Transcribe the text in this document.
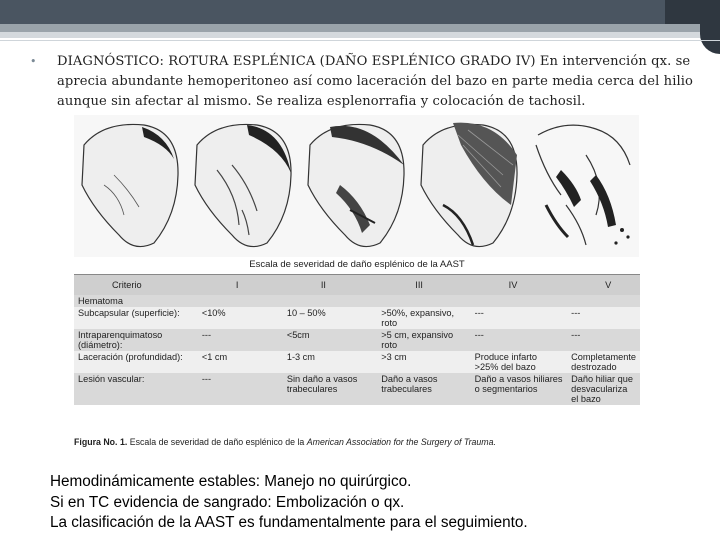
• DIAGNÓSTICO: ROTURA ESPLÉNICA (DAÑO ESPLÉNICO GRADO IV) En intervención qx. se aprecia abundante hemoperitoneo así como laceración del bazo en parte media cerca del hilio aunque sin afectar al mismo. Se realiza esplenorrafia y colocación de tachosil.
Escala de severidad de daño esplénico de la AAST
Criterio	I	II	III	IV	V
Hematoma					
Subcapsular (superficie):	<10%	10 – 50%	>50%, expansivo, roto	---	---
Intraparenquimatoso (diámetro):	---	<5cm	>5 cm, expansivo roto	---	---
Laceración (profundidad):	<1 cm	1-3 cm	>3 cm	Produce infarto >25% del bazo	Completamente destrozado
Lesión vascular:	---	Sin daño a vasos trabeculares	Daño a vasos trabeculares	Daño a vasos hiliares o segmentarios	Daño hiliar que desvaculariza el bazo
Figura No. 1. Escala de severidad de daño esplénico de la American Association for the Surgery of Trauma.
Hemodinámicamente estables: Manejo no quirúrgico.
Si en TC evidencia de sangrado: Embolización o qx.
La clasificación de la AAST es fundamentalmente para el seguimiento.
